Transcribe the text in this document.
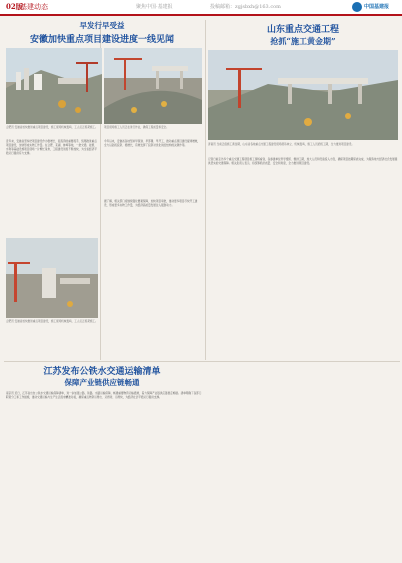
02版
基建动态	聚焦中国·基建报	投稿邮箱：zgjsbxh@163.com	中国基建报
早发行早受益
安徽加快重点项目建设进度一线见闻
合肥讯 安徽省加快推进重点项目建设，施工现场机械轰鸣，工人们正抓紧施工。
近年来，安徽省坚持把项目建设作为稳增长、促投资的重要抓手，统筹推进重点项目建设，加快形成实物工作量。在合肥、芜湖、蚌埠等地，一批交通、能源、水利等基础设施项目现场一片繁忙景象，工程建设进度不断加快，为全省经济平稳运行提供有力支撑。
合肥讯 安徽省加快推进重点项目建设，施工现场机械轰鸣，工人们正抓紧施工。
项目现场施工人员正在进行作业，确保工程质量和安全。
今年以来，安徽省各地坚持早谋划、早部署、早开工，推动重点项目建设提速增效，全力以赴抓投资、稳增长，有效发挥了投资对优化供给结构的关键作用。
据了解，相关部门将继续强化要素保障，加快项目审批，推动更多项目尽快开工建设，形成更多实物工作量，为经济高质量发展注入强劲动力。
山东重点交通工程
抢抓“施工黄金期”
济南讯 当前正值施工黄金期，山东省各地重点交通工程建设现场塔吊林立、机械轰鸣，施工人员抢抓工期，全力推进项目建设。
记者日前走访多个重点交通工程项目施工现场看到，各参建单位科学组织、倒排工期，加大人员和设备投入力度，确保项目按期保质完成，为服务地方经济社会发展提供坚实的交通保障。相关负责人表示，将统筹抓好质量、安全和进度，全力推进项目建设。
江苏发布公铁水交通运输清单
保障产业链供应链畅通
南京讯 近日，江苏省出台公铁水交通运输保障清单，进一步加强公路、铁路、水路运输保障，畅通重要物资运输通道，着力保障产业链供应链稳定畅通。清单明确了各部门职责分工和工作措施，推动交通运输与生产生活需求精准对接，确保重点物资运得出、运得进、运得快，为经济社会平稳运行提供支撑。
